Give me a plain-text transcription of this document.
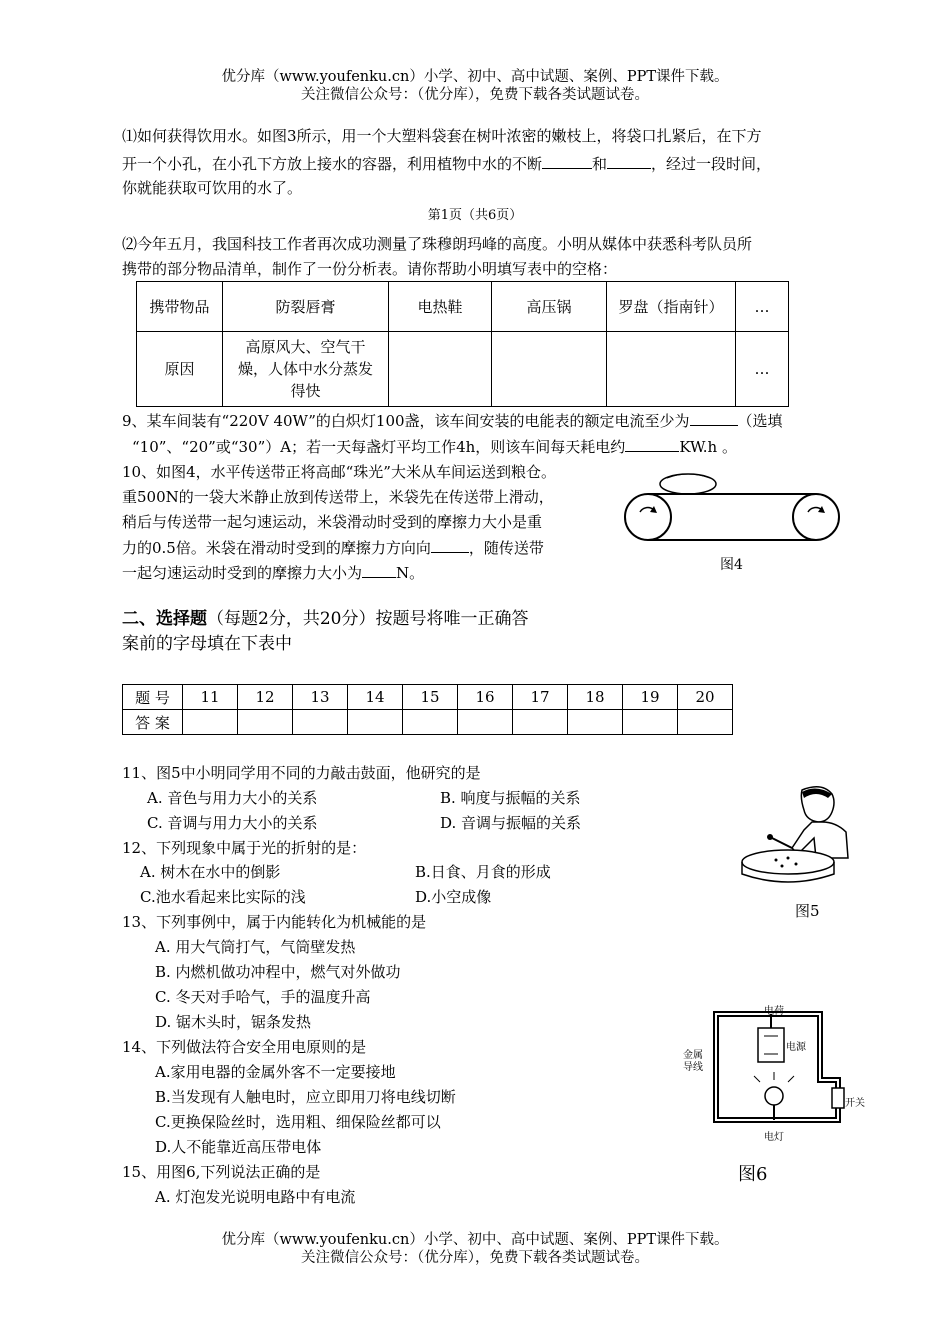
优分库（www.youfenku.cn）小学、初中、高中试题、案例、PPT课件下载。
关注微信公众号：（优分库），免费下载各类试题试卷。
⑴如何获得饮用水。如图3所示，用一个大塑料袋套在树叶浓密的嫩枝上，将袋口扎紧后，在下方
开一个小孔，在小孔下方放上接水的容器，利用植物中水的不断	和	，经过一段时间，
你就能获取可饮用的水了。
第1页（共6页）
⑵今年五月，我国科技工作者再次成功测量了珠穆朗玛峰的高度。小明从媒体中获悉科考队员所
携带的部分物品清单，制作了一份分析表。请你帮助小明填写表中的空格：
携带物品	防裂唇膏	电热鞋	高压锅	罗盘（指南针）	…
原因	高原风大、空气干燥，人体中水分蒸发得快				…
9、某车间装有“220V 40W”的白炽灯100盏，该车间安装的电能表的额定电流至少为	（选填
“10”、“20”或“30”）A；若一天每盏灯平均工作4h，则该车间每天耗电约	KW.h 。
10、如图4，水平传送带正将高邮“珠光”大米从车间运送到粮仓。
重500N的一袋大米静止放到传送带上，米袋先在传送带上滑动，
稍后与传送带一起匀速运动，米袋滑动时受到的摩擦力大小是重
力的0.5倍。米袋在滑动时受到的摩擦力方向向	，随传送带
一起匀速运动时受到的摩擦力大小为 N。	图4
二、选择题（每题2分，共20分）按题号将唯一正确答
案前的字母填在下表中
题 号	11	12	13	14	15	16	17	18	19	20
答 案										
11、图5中小明同学用不同的力敲击鼓面，他研究的是
A. 音色与用力大小的关系	B. 响度与振幅的关系
C. 音调与用力大小的关系	D. 音调与振幅的关系
图5
12、下列现象中属于光的折射的是：
A. 树木在水中的倒影	B.日食、月食的形成
C.池水看起来比实际的浅	D.小空成像
13、下列事例中，属于内能转化为机械能的是
A. 用大气筒打气，气筒壁发热
B. 内燃机做功冲程中，燃气对外做功
C. 冬天对手哈气，手的温度升高
D. 锯木头时，锯条发热
14、下列做法符合安全用电原则的是
A.家用电器的金属外客不一定要接地
B.当发现有人触电时，应立即用刀将电线切断
C.更换保险丝时，选用粗、细保险丝都可以
D.人不能靠近高压带电体
15、用图6,下列说法正确的是
A. 灯泡发光说明电路中有电流
电荷
电源
金属
导线
开关
电灯
图6
优分库（www.youfenku.cn）小学、初中、高中试题、案例、PPT课件下载。
关注微信公众号：（优分库），免费下载各类试题试卷。
